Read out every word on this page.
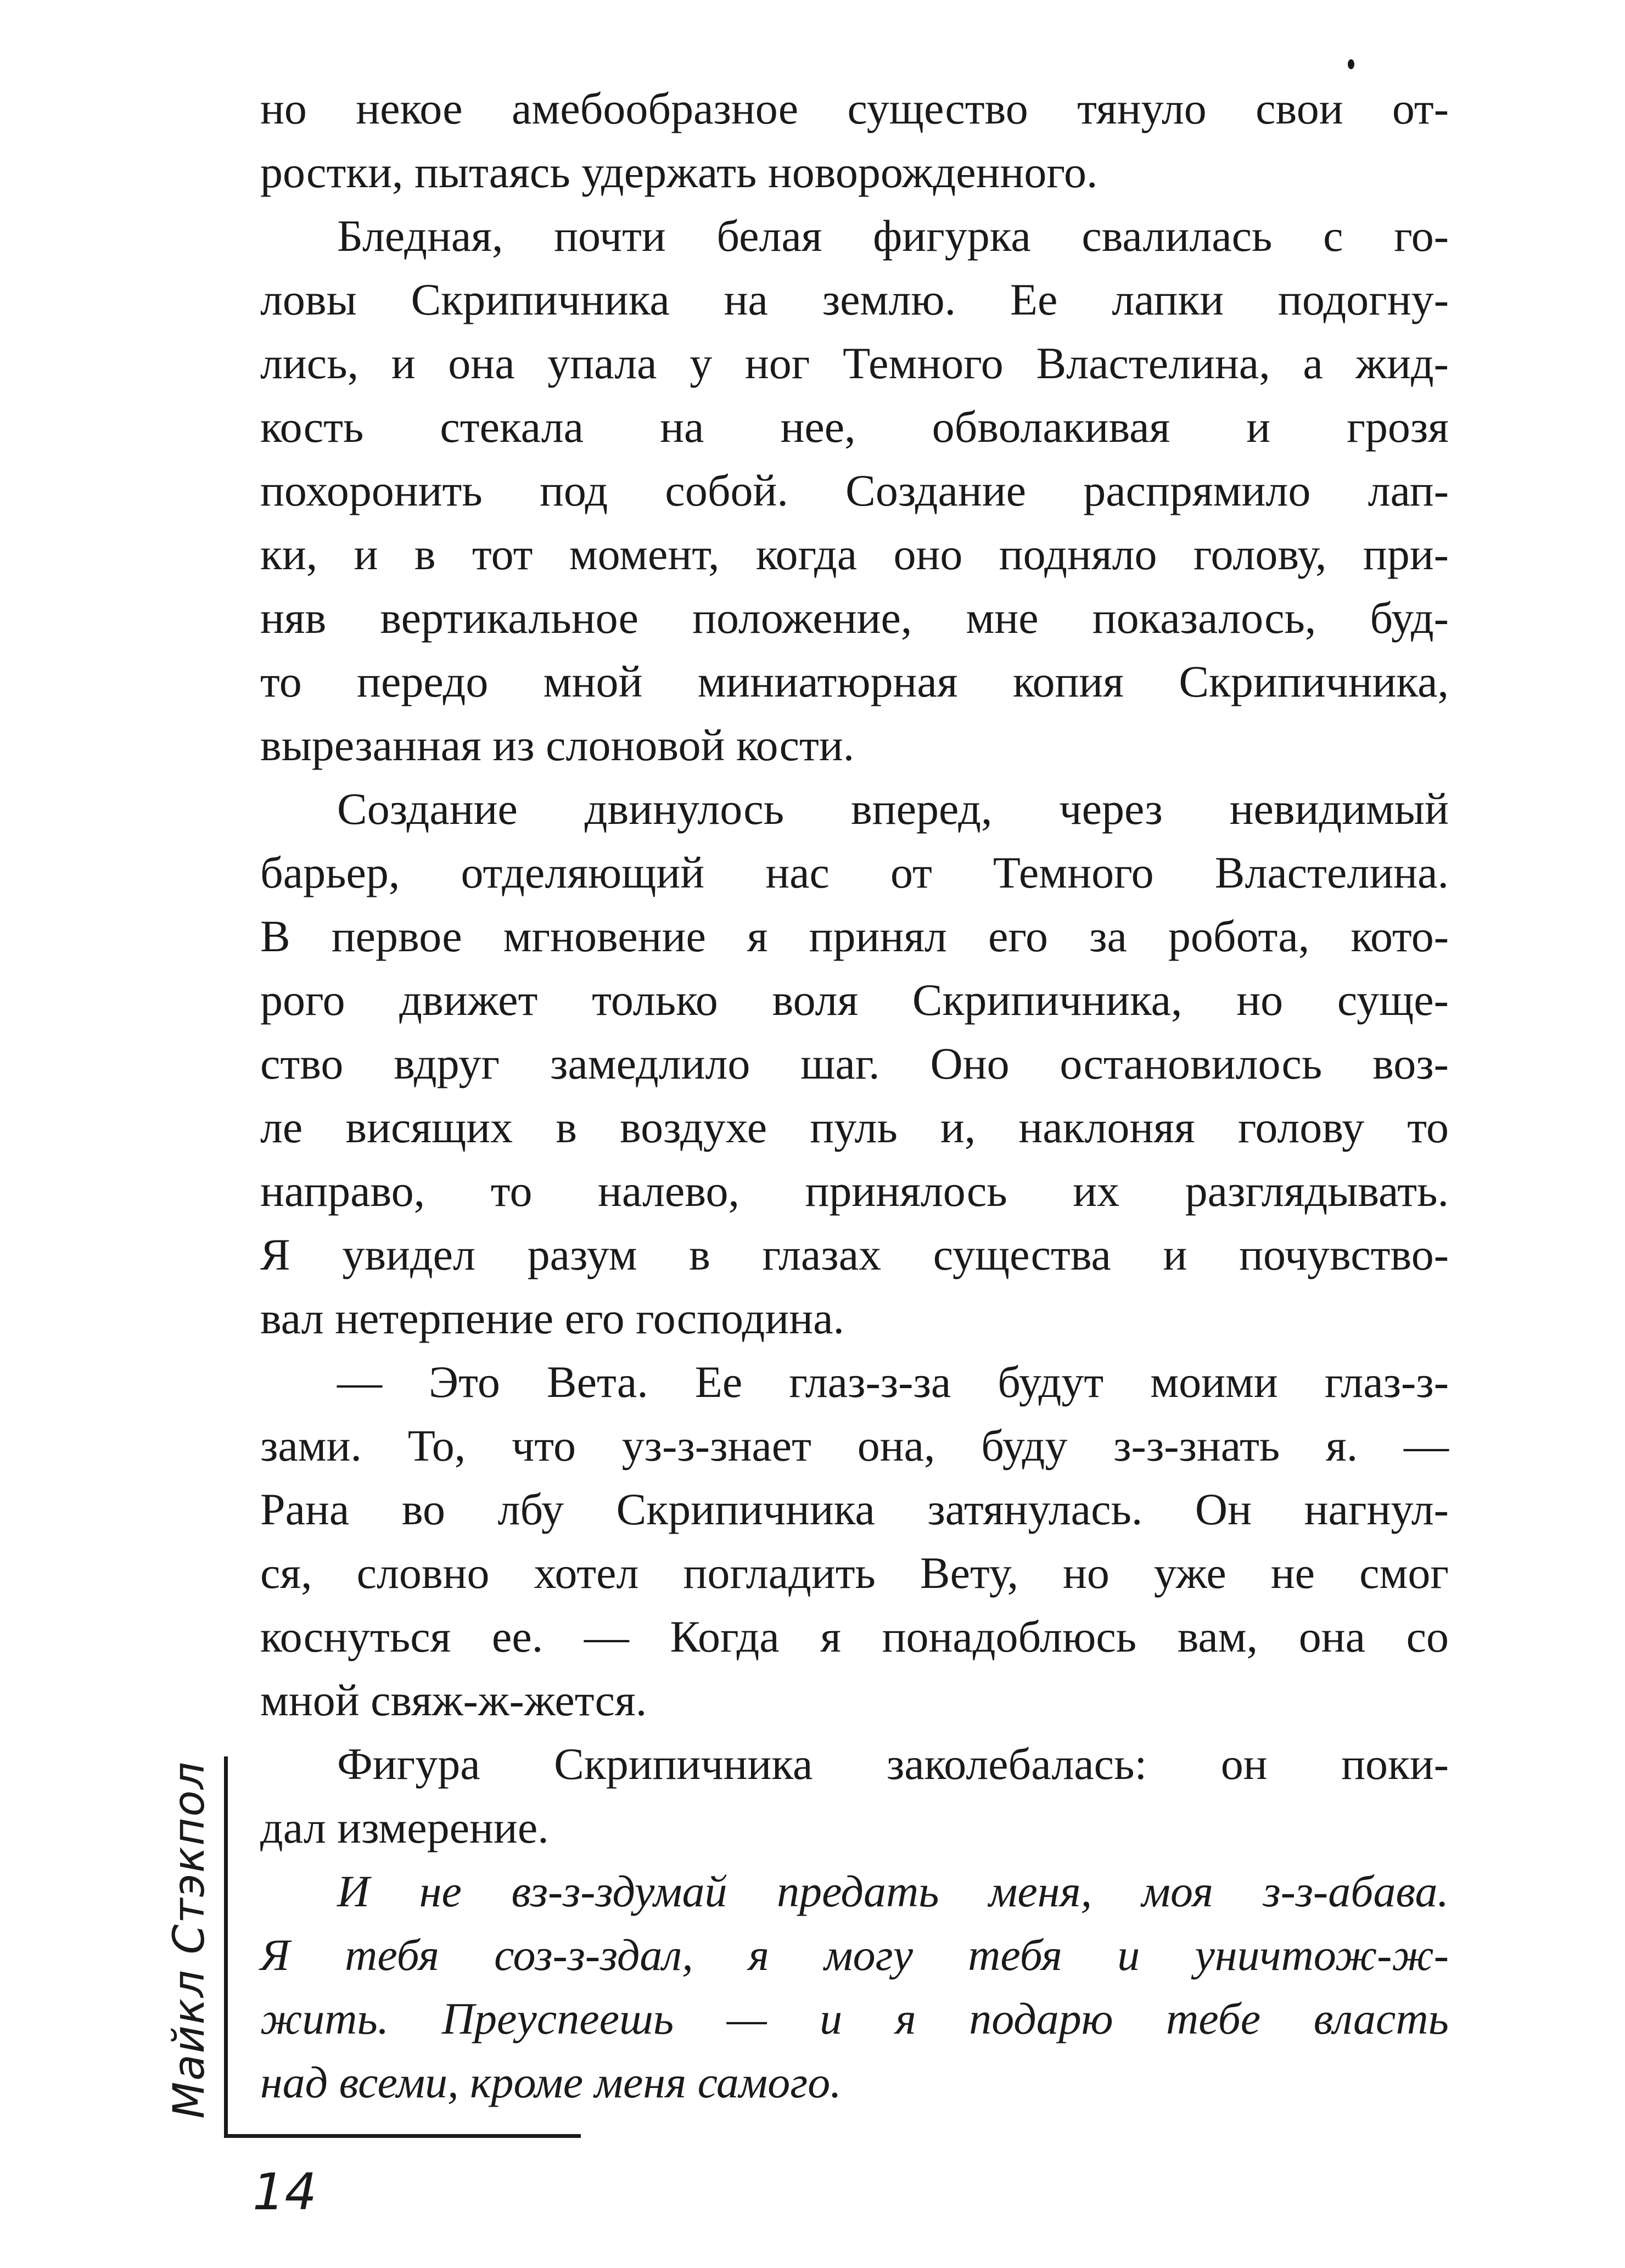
но некое амебообразное существо тянуло свои от-
ростки, пытаясь удержать новорожденного.

Бледная, почти белая фигурка свалилась с го-
ловы Скрипичника на землю. Ее лапки подогну-
лись, и она упала у ног Темного Властелина, а жид-
кость стекала на нее, обволакивая и грозя
похоронить под собой. Создание распрямило лап-
ки, и в тот момент, когда оно подняло голову, при-
няв вертикальное положение, мне показалось, буд-
то передо мной миниатюрная копия Скрипичника,
вырезанная из слоновой кости.

Создание двинулось вперед, через невидимый
барьер, отделяющий нас от Темного Властелина.
В первое мгновение я принял его за робота, кото-
рого движет только воля Скрипичника, но суще-
ство вдруг замедлило шаг. Оно остановилось воз-
ле висящих в воздухе пуль и, наклоняя голову то
направо, то налево, принялось их разглядывать.
Я увидел разум в глазах существа и почувство-
вал нетерпение его господина.

— Это Вета. Ее глаз-з-за будут моими глаз-з-
зами. То, что уз-з-знает она, буду з-з-знать я. —
Рана во лбу Скрипичника затянулась. Он нагнул-
ся, словно хотел погладить Вету, но уже не смог
коснуться ее. — Когда я понадоблюсь вам, она со
мной свяж-ж-жется.

Фигура Скрипичника заколебалась: он поки-
дал измерение.

И не вз-з-здумай предать меня, моя з-з-абава.
Я тебя соз-з-здал, я могу тебя и уничтож-ж-
жить. Преуспеешь — и я подарю тебе власть
над всеми, кроме меня самого.

Майкл Стэкпол
14
